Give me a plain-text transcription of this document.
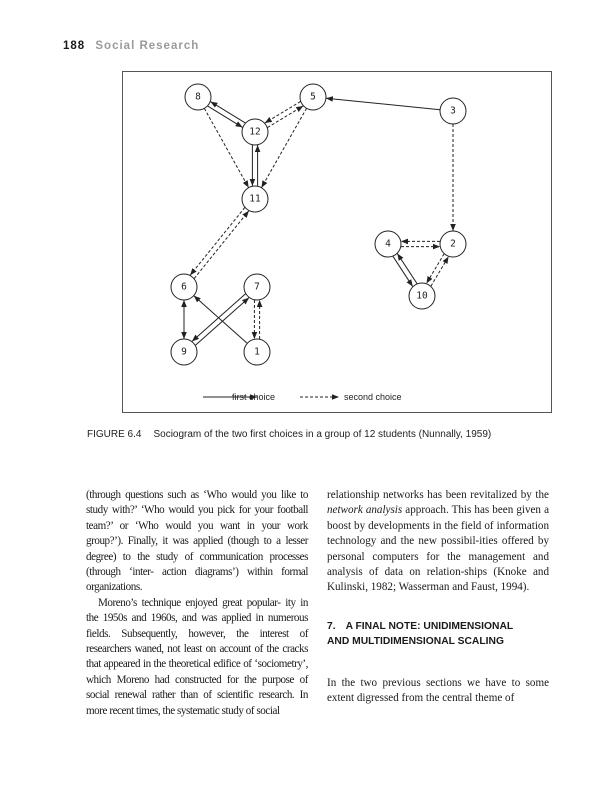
188 Social Research
8	5
3
12
11
4	2
10
6	7
9	1
first choice	second choice
FIGURE 6.4 Sociogram of the two first choices in a group of 12 students (Nunnally, 1959)

(through questions such as ‘Who would you like to study with?’ ‘Who would you pick for your football team?’ or ‘Who would you want in your work group?’). Finally, it was applied (though to a lesser degree) to the study of communication processes (through ‘inter- action diagrams’) within formal organizations.

Moreno’s technique enjoyed great popular- ity in the 1950s and 1960s, and was applied in numerous fields. Subsequently, however, the interest of researchers waned, not least on account of the cracks that appeared in the theoretical edifice of ‘sociometry’, which Moreno had constructed for the purpose of social renewal rather than of scientific research. In more recent times, the systematic study of social

relationship networks has been revitalized by the network analysis approach. This has been given a boost by developments in the field of information technology and the new possibil-ities offered by personal computers for the management and analysis of data on relation-ships (Knoke and Kulinski, 1982; Wasserman and Faust, 1994).

7. A FINAL NOTE: UNIDIMENSIONAL
AND MULTIDIMENSIONAL SCALING

In the two previous sections we have to some extent digressed from the central theme of
